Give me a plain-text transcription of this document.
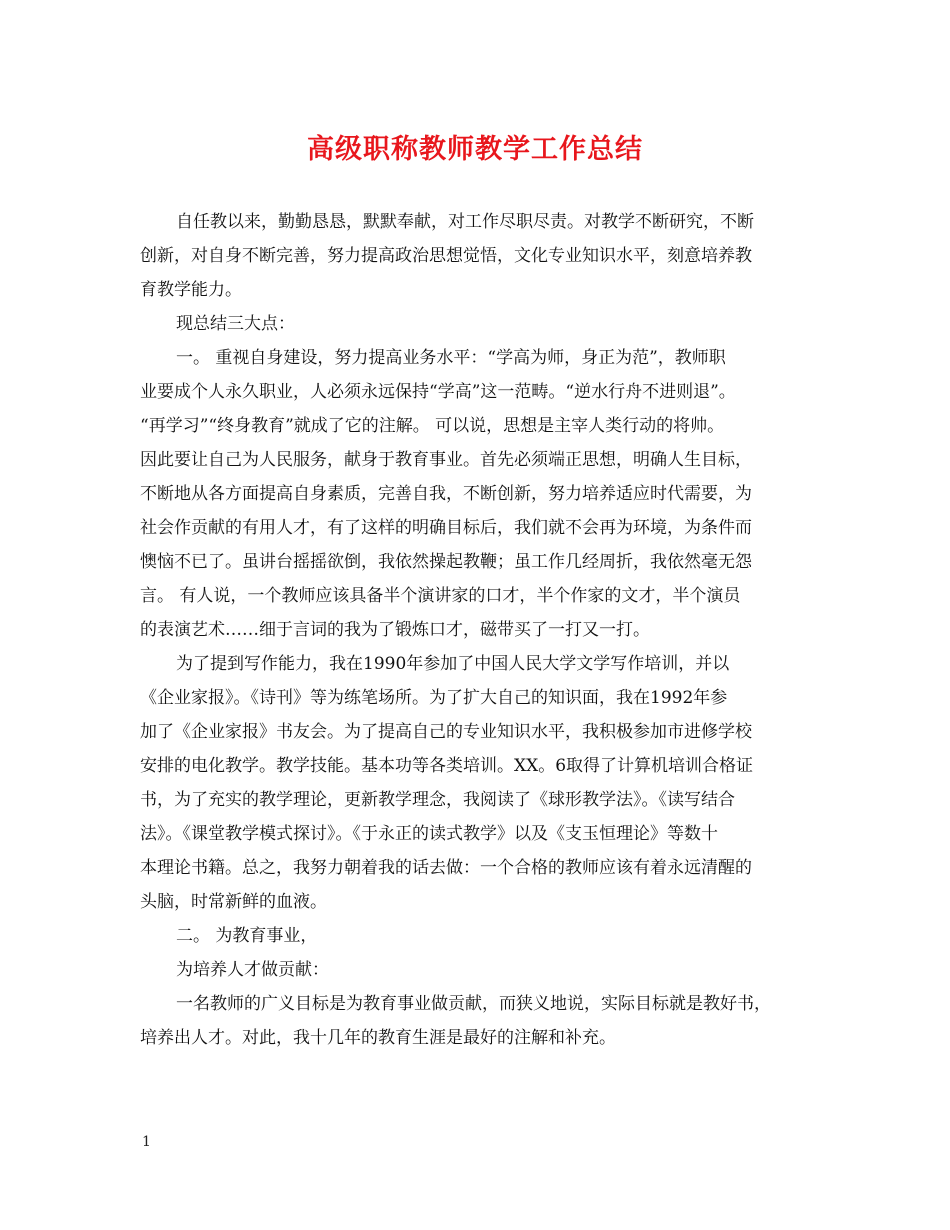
高级职称教师教学工作总结
自任教以来，勤勤恳恳，默默奉献，对工作尽职尽责。对教学不断研究，不断
创新，对自身不断完善，努力提高政治思想觉悟，文化专业知识水平，刻意培养教
育教学能力。
现总结三大点：
一。 重视自身建设，努力提高业务水平：“学高为师，身正为范”，教师职
业要成个人永久职业，人必须永远保持“学高”这一范畴。“逆水行舟不进则退”。
“再学习”“终身教育”就成了它的注解。 可以说，思想是主宰人类行动的将帅。
因此要让自己为人民服务，献身于教育事业。首先必须端正思想，明确人生目标，
不断地从各方面提高自身素质，完善自我，不断创新，努力培养适应时代需要，为
社会作贡献的有用人才，有了这样的明确目标后，我们就不会再为环境，为条件而
懊恼不已了。虽讲台摇摇欲倒，我依然操起教鞭；虽工作几经周折，我依然毫无怨
言。 有人说，一个教师应该具备半个演讲家的口才，半个作家的文才，半个演员
的表演艺术……细于言词的我为了锻炼口才，磁带买了一打又一打。
为了提到写作能力，我在1990年参加了中国人民大学文学写作培训，并以
《企业家报》。《诗刊》等为练笔场所。为了扩大自己的知识面，我在1992年参
加了《企业家报》书友会。为了提高自己的专业知识水平，我积极参加市进修学校
安排的电化教学。教学技能。基本功等各类培训。XX。6取得了计算机培训合格证
书，为了充实的教学理论，更新教学理念，我阅读了《球形教学法》。《读写结合
法》。《课堂教学模式探讨》。《于永正的读式教学》以及《支玉恒理论》等数十
本理论书籍。总之，我努力朝着我的话去做：一个合格的教师应该有着永远清醒的
头脑，时常新鲜的血液。
二。 为教育事业，
为培养人才做贡献：
一名教师的广义目标是为教育事业做贡献，而狭义地说，实际目标就是教好书，
培养出人才。对此，我十几年的教育生涯是最好的注解和补充。
1
